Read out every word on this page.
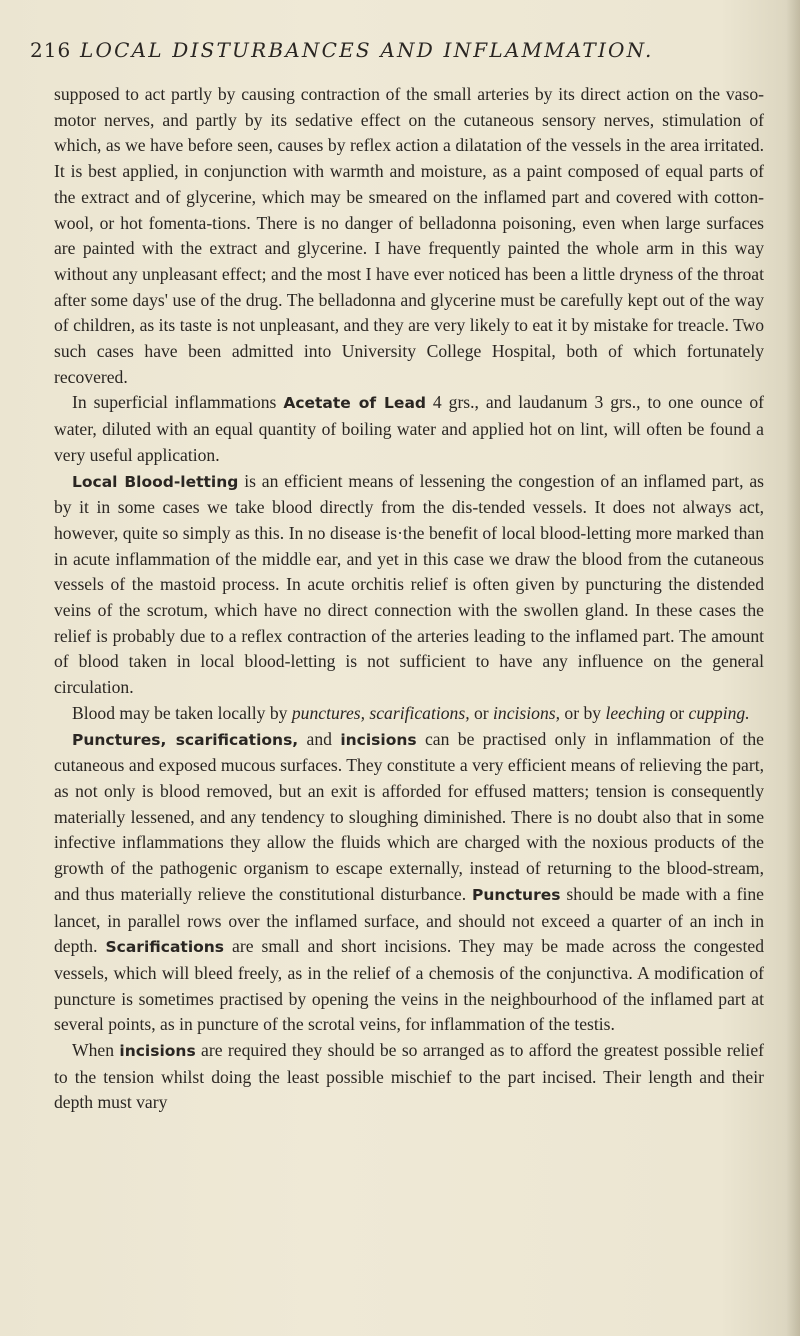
216 LOCAL DISTURBANCES AND INFLAMMATION.

supposed to act partly by causing contraction of the small arteries by its direct action on the vaso-motor nerves, and partly by its sedative effect on the cutaneous sensory nerves, stimulation of which, as we have before seen, causes by reflex action a dilatation of the vessels in the area irritated. It is best applied, in conjunction with warmth and moisture, as a paint composed of equal parts of the extract and of glycerine, which may be smeared on the inflamed part and covered with cotton-wool, or hot fomenta-tions. There is no danger of belladonna poisoning, even when large surfaces are painted with the extract and glycerine. I have frequently painted the whole arm in this way without any unpleasant effect; and the most I have ever noticed has been a little dryness of the throat after some days' use of the drug. The belladonna and glycerine must be carefully kept out of the way of children, as its taste is not unpleasant, and they are very likely to eat it by mistake for treacle. Two such cases have been admitted into University College Hospital, both of which fortunately recovered.

In superficial inflammations Acetate of Lead 4 grs., and laudanum 3 grs., to one ounce of water, diluted with an equal quantity of boiling water and applied hot on lint, will often be found a very useful application.

Local Blood-letting is an efficient means of lessening the congestion of an inflamed part, as by it in some cases we take blood directly from the dis-tended vessels. It does not always act, however, quite so simply as this. In no disease is·the benefit of local blood-letting more marked than in acute inflammation of the middle ear, and yet in this case we draw the blood from the cutaneous vessels of the mastoid process. In acute orchitis relief is often given by puncturing the distended veins of the scrotum, which have no direct connection with the swollen gland. In these cases the relief is probably due to a reflex contraction of the arteries leading to the inflamed part. The amount of blood taken in local blood-letting is not sufficient to have any influence on the general circulation.

Blood may be taken locally by punctures, scarifications, or incisions, or by leeching or cupping.

Punctures, scarifications, and incisions can be practised only in inflammation of the cutaneous and exposed mucous surfaces. They constitute a very efficient means of relieving the part, as not only is blood removed, but an exit is afforded for effused matters; tension is consequently materially lessened, and any tendency to sloughing diminished. There is no doubt also that in some infective inflammations they allow the fluids which are charged with the noxious products of the growth of the pathogenic organism to escape externally, instead of returning to the blood-stream, and thus materially relieve the constitutional disturbance. Punctures should be made with a fine lancet, in parallel rows over the inflamed surface, and should not exceed a quarter of an inch in depth. Scarifications are small and short incisions. They may be made across the congested vessels, which will bleed freely, as in the relief of a chemosis of the conjunctiva. A modification of puncture is sometimes practised by opening the veins in the neighbourhood of the inflamed part at several points, as in puncture of the scrotal veins, for inflammation of the testis.

When incisions are required they should be so arranged as to afford the greatest possible relief to the tension whilst doing the least possible mischief to the part incised. Their length and their depth must vary
